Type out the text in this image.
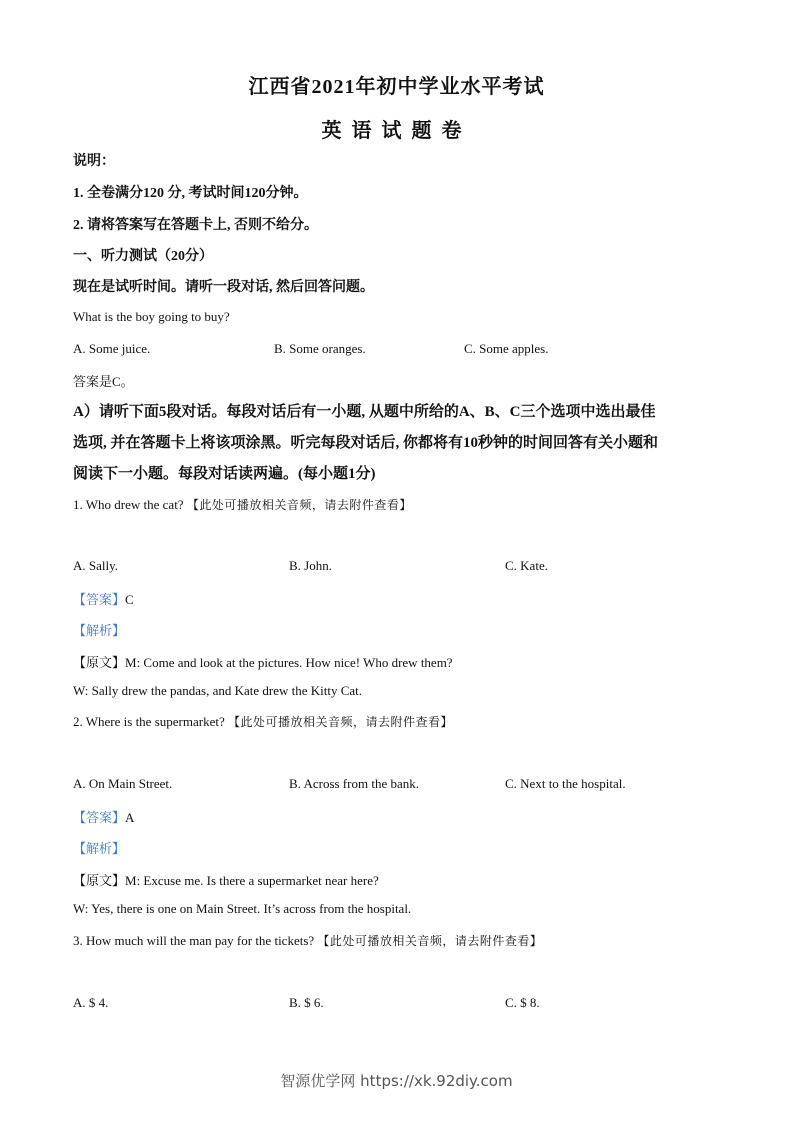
江西省2021年初中学业水平考试
英语试题卷
说明：
1. 全卷满分120 分, 考试时间120分钟。
2. 请将答案写在答题卡上, 否则不给分。
一、听力测试（20分）
现在是试听时间。请听一段对话, 然后回答问题。
What is the boy going to buy?
A. Some juice.	B. Some oranges.	C. Some apples.
答案是C。
A）请听下面5段对话。每段对话后有一小题, 从题中所给的A、B、C三个选项中选出最佳
选项, 并在答题卡上将该项涂黑。听完每段对话后, 你都将有10秒钟的时间回答有关小题和
阅读下一小题。每段对话读两遍。(每小题1分)
1. Who drew the cat? 【此处可播放相关音频，请去附件查看】
A. Sally.	B. John.	C. Kate.
【答案】C
【解析】
【原文】M: Come and look at the pictures. How nice! Who drew them?
W: Sally drew the pandas, and Kate drew the Kitty Cat.
2. Where is the supermarket? 【此处可播放相关音频，请去附件查看】
A. On Main Street.	B. Across from the bank.	C. Next to the hospital.
【答案】A
【解析】
【原文】M: Excuse me. Is there a supermarket near here?
W: Yes, there is one on Main Street. It’s across from the hospital.
3. How much will the man pay for the tickets? 【此处可播放相关音频，请去附件查看】
A. $ 4.	B. $ 6.	C. $ 8.
智源优学网 https://xk.92diy.com
